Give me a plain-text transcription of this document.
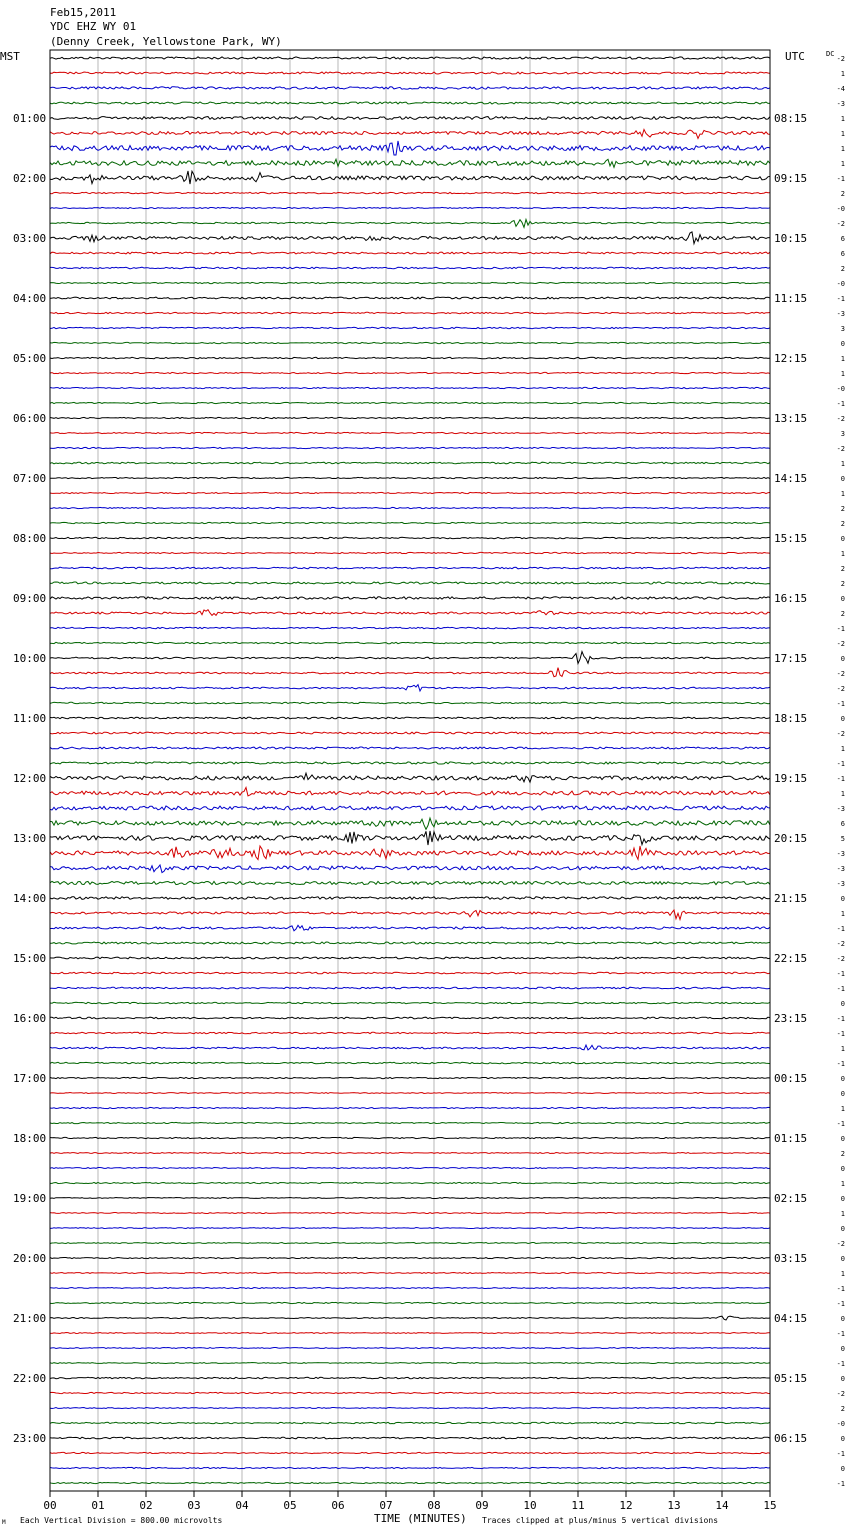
Feb15,2011
YDC EHZ WY 01
(Denny Creek, Yellowstone Park, WY)
MST	UTC	DC
01:00	08:15
02:00	09:15
03:00	10:15
04:00	11:15
05:00	12:15
06:00	13:15
07:00	14:15
08:00	15:15
09:00	16:15
10:00	17:15
11:00	18:15
12:00	19:15
13:00	20:15
14:00	21:15
15:00	22:15
16:00	23:15
17:00	00:15
18:00	01:15
19:00	02:15
20:00	03:15
21:00	04:15
22:00	05:15
23:00	06:15
-2
1
-4
-3
1
1
1
1
-1
2
-0
-2
6
6
2
-0
-1
-3
3
0
1
1
-0
-1
-2
3
-2
1
0
1
2
2
0
1
2
2
0
2
-1
-2
0
-2
-2
-1
0
-2
1
-1
-1
1
-3
6
5
-3
-3
-3
0
1
-1
-2
-2
-1
-1
0
-1
-1
1
-1
0
0
1
-1
0
2
0
1
0
1
0
-2
0
1
-1
-1
0
-1
0
-1
0
-2
2
-0
0
-1
0
-1
00	01	02	03	04	05	06	07	08	09	10	11	12	13	14	15
M Each Vertical Division = 800.00 microvolts	TIME (MINUTES) Traces clipped at plus/minus 5 vertical divisions
